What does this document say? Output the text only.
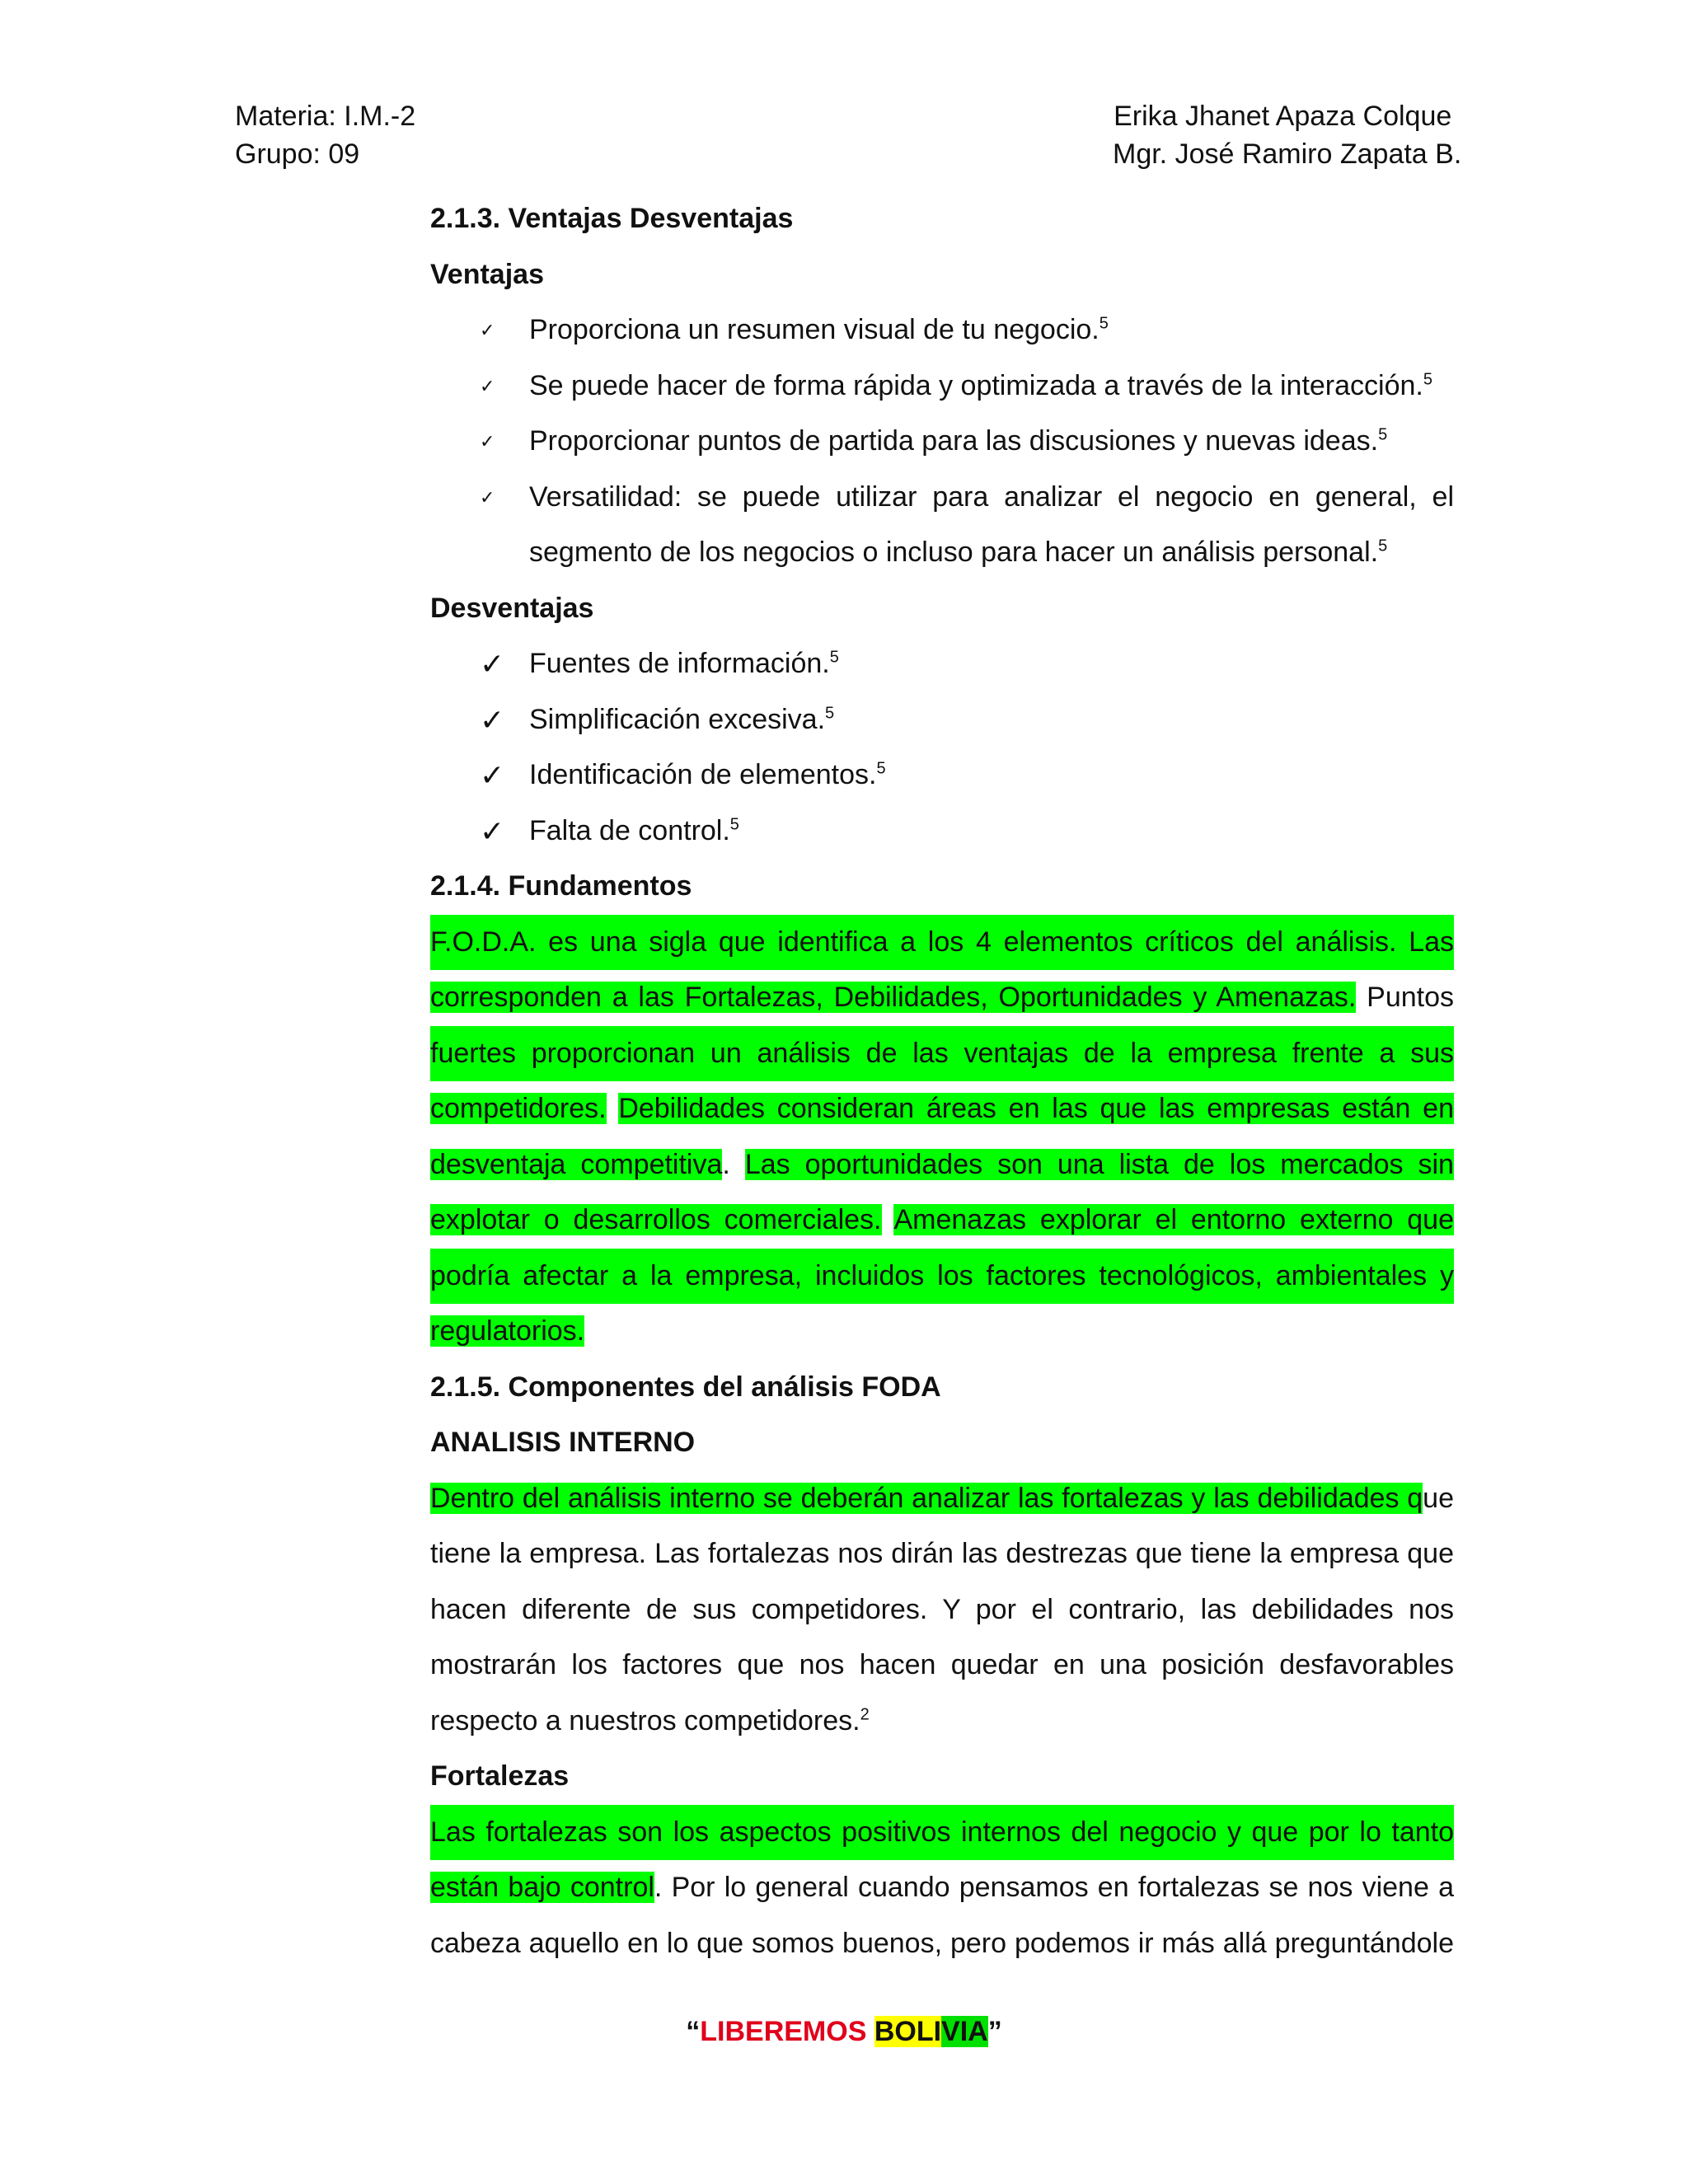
Materia: I.M.-2
Grupo: 09
Erika Jhanet Apaza Colque
Mgr. José Ramiro Zapata B.
2.1.3. Ventajas Desventajas
Ventajas
✓ Proporciona un resumen visual de tu negocio.$^5$
✓ Se puede hacer de forma rápida y optimizada a través de la interacción.$^5$
✓ Proporcionar puntos de partida para las discusiones y nuevas ideas.$^5$
✓ Versatilidad: se puede utilizar para analizar el negocio en general, el
segmento de los negocios o incluso para hacer un análisis personal.$^5$
Desventajas
✓ Fuentes de información.$^5$
✓ Simplificación excesiva.$^5$
✓ Identificación de elementos.$^5$
✓ Falta de control.$^5$
2.1.4. Fundamentos
F.O.D.A. es una sigla que identifica a los 4 elementos críticos del análisis. Las
corresponden a las Fortalezas, Debilidades, Oportunidades y Amenazas. Puntos
fuertes proporcionan un análisis de las ventajas de la empresa frente a sus
competidores. Debilidades consideran áreas en las que las empresas están en
desventaja competitiva. Las oportunidades son una lista de los mercados sin
explotar o desarrollos comerciales. Amenazas explorar el entorno externo que
podría afectar a la empresa, incluidos los factores tecnológicos, ambientales y
regulatorios.
2.1.5. Componentes del análisis FODA
ANALISIS INTERNO
Dentro del análisis interno se deberán analizar las fortalezas y las debilidades que
tiene la empresa. Las fortalezas nos dirán las destrezas que tiene la empresa que
hacen diferente de sus competidores. Y por el contrario, las debilidades nos
mostrarán los factores que nos hacen quedar en una posición desfavorables
respecto a nuestros competidores.$^2$
Fortalezas
Las fortalezas son los aspectos positivos internos del negocio y que por lo tanto
están bajo control. Por lo general cuando pensamos en fortalezas se nos viene a
cabeza aquello en lo que somos buenos, pero podemos ir más allá preguntándole
“LIBEREMOS BOLIVIA”
